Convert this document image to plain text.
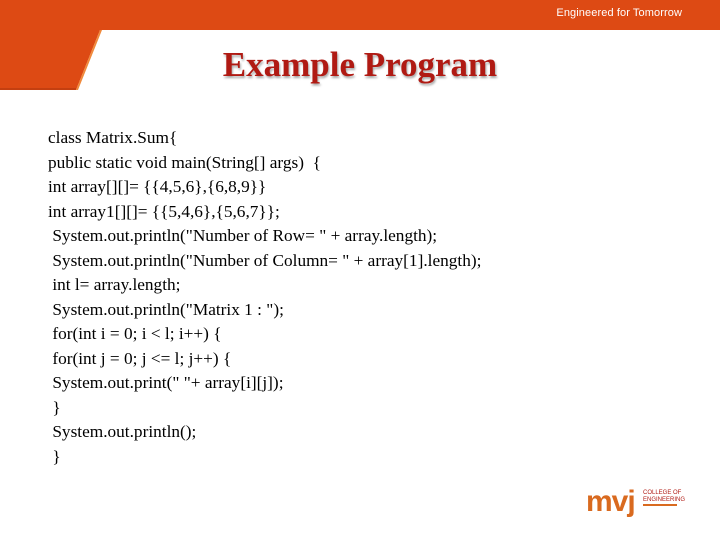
Engineered for Tomorrow
Example Program
class Matrix.Sum{
public static void main(String[] args)  {
int array[][]= {{4,5,6},{6,8,9}}
int array1[][]= {{5,4,6},{5,6,7}};
System.out.println("Number of Row= " + array.length);
System.out.println("Number of Column= " + array[1].length);
int l= array.length;
System.out.println("Matrix 1 : ");
for(int i = 0; i < l; i++) {
for(int j = 0; j <= l; j++) {
System.out.print(" "+ array[i][j]);
}
System.out.println();
}
mvj COLLEGE OF
ENGINEERING
